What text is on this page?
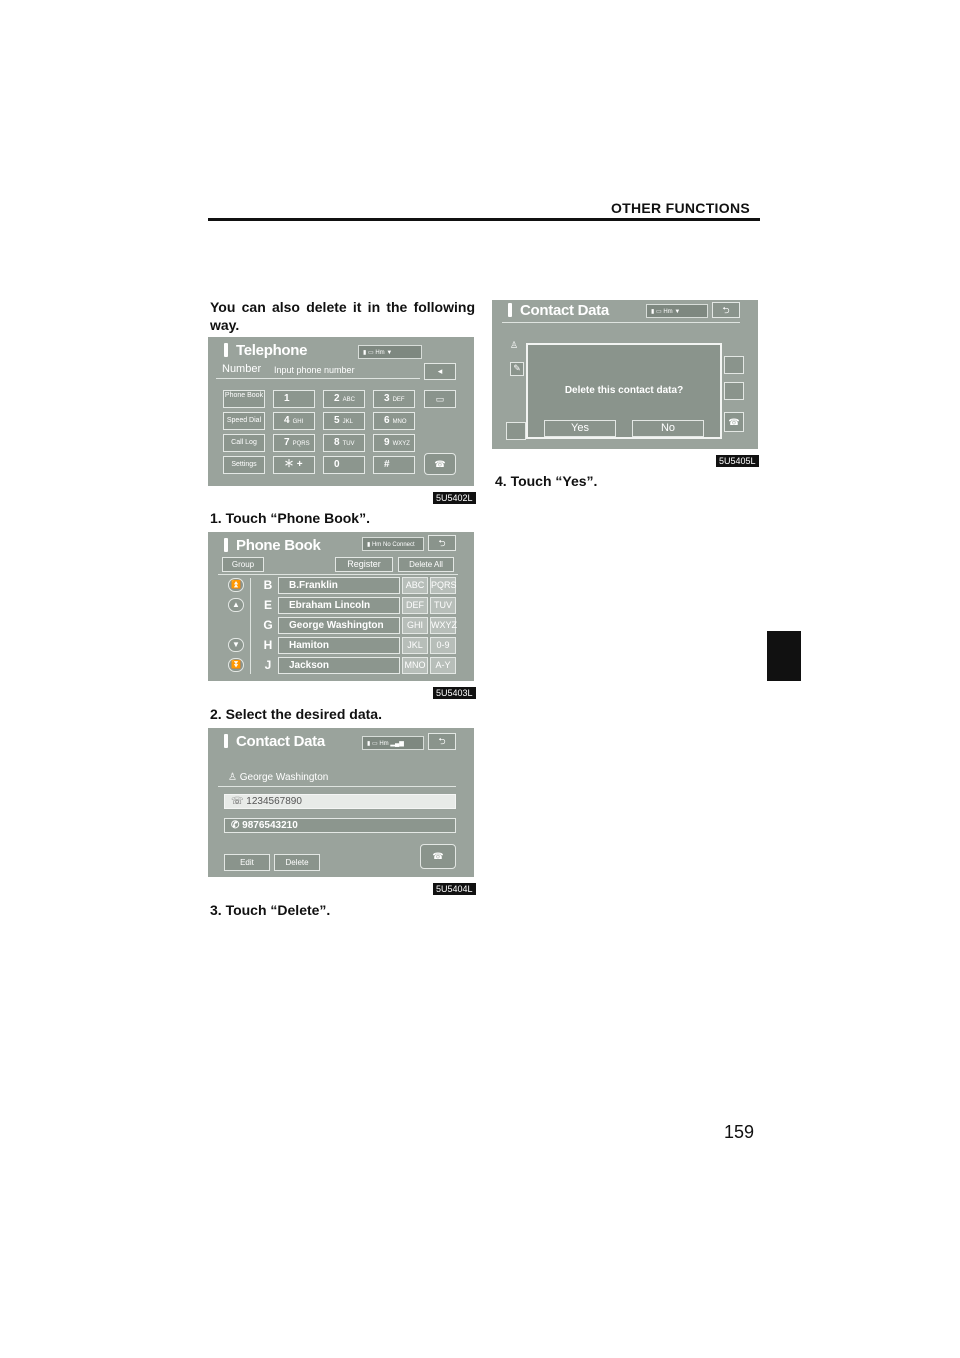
OTHER FUNCTIONS
You can also delete it in the following way.
Telephone	▮ ▭ Hm ▼
Number Input phone number	◂
Phone Book
Speed Dial
Call Log
Settings
1	2 ABC	3 DEF
4 GHI	5 JKL	6 MNO
7 PQRS	8 TUV	9 WXYZ
＊ +	0	#
▭
☎
5U5402L
1. Touch “Phone Book”.
Phone Book	▮ Hm No Connect	⮌
Group	Register	Delete All
⏫
▲
▼
⏬
B	B.Franklin	ABC PQRS
E	Ebraham Lincoln	DEF	TUV
G	George Washington	GHI WXYZ
H	Hamiton	JKL	0-9
J	Jackson	MNO	A-Y
5U5403L
2. Select the desired data.
Contact Data	▮ ▭ Hm ▂▄▆	⮌
♙ George Washington
☏ 1234567890
✆ 9876543210
Edit	Delete
☎
5U5404L
3. Touch “Delete”.
Contact Data	▮ ▭ Hm ▼	⮌
♙
✎
☎
Delete this contact data?
Yes	No
5U5405L
4. Touch “Yes”.
159
